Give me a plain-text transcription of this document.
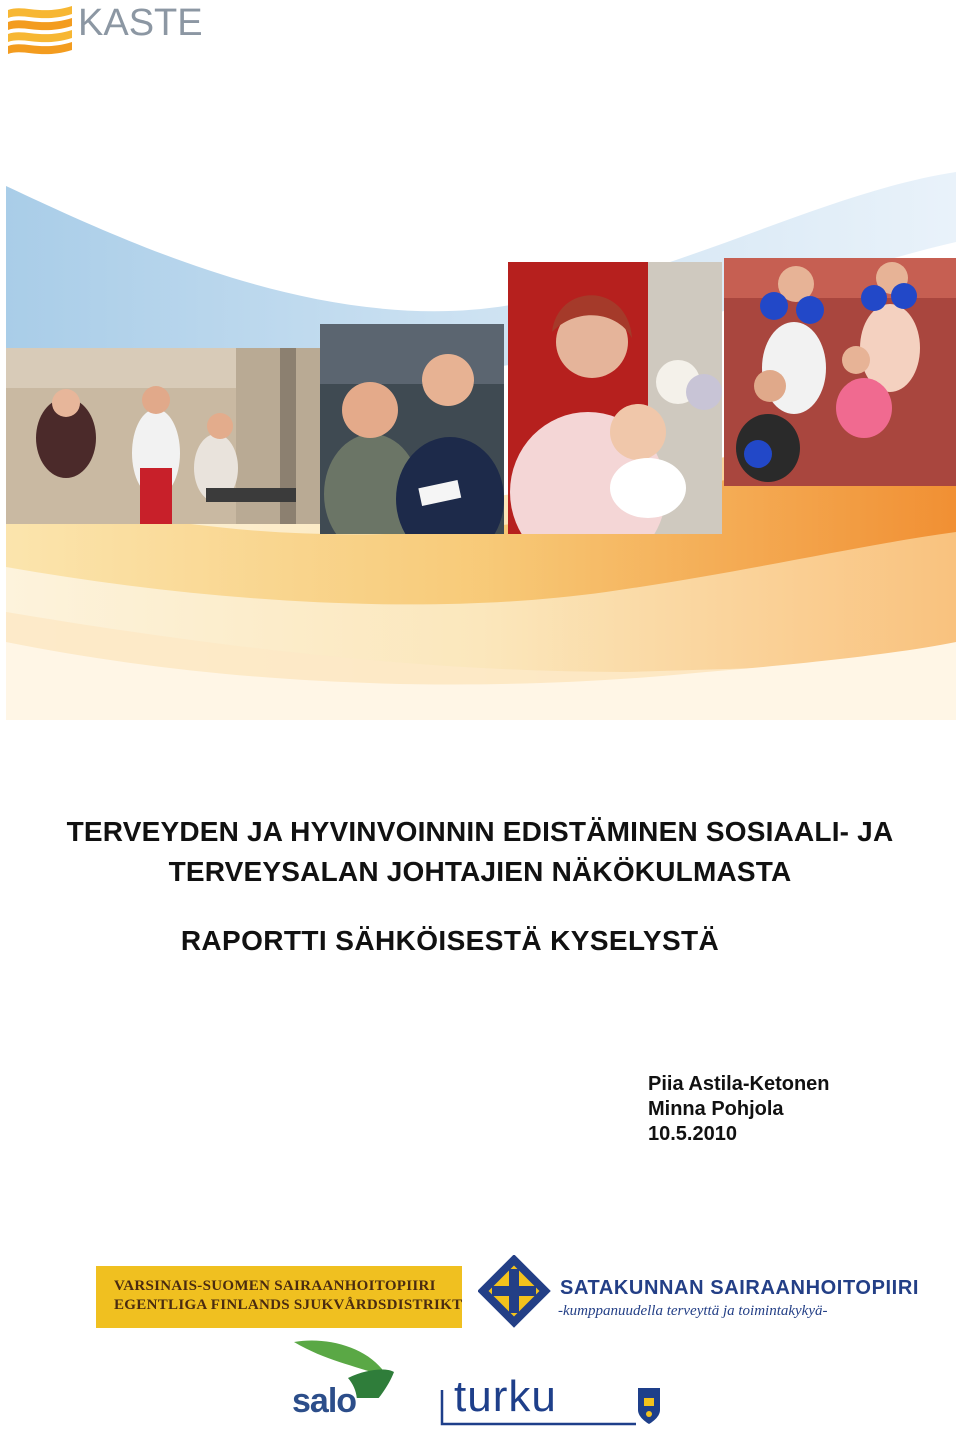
KASTE
TERVEYDEN JA HYVINVOINNIN EDISTÄMINEN SOSIAALI- JA
TERVEYSALAN JOHTAJIEN NÄKÖKULMASTA
RAPORTTI SÄHKÖISESTÄ KYSELYSTÄ
Piia Astila-Ketonen
Minna Pohjola
10.5.2010
VARSINAIS-SUOMEN SAIRAANHOITOPIIRI
EGENTLIGA FINLANDS SJUKVÅRDSDISTRIKT
SATAKUNNAN SAIRAANHOITOPIIRI
-kumppanuudella terveyttä ja toimintakykyä-
salo turku
